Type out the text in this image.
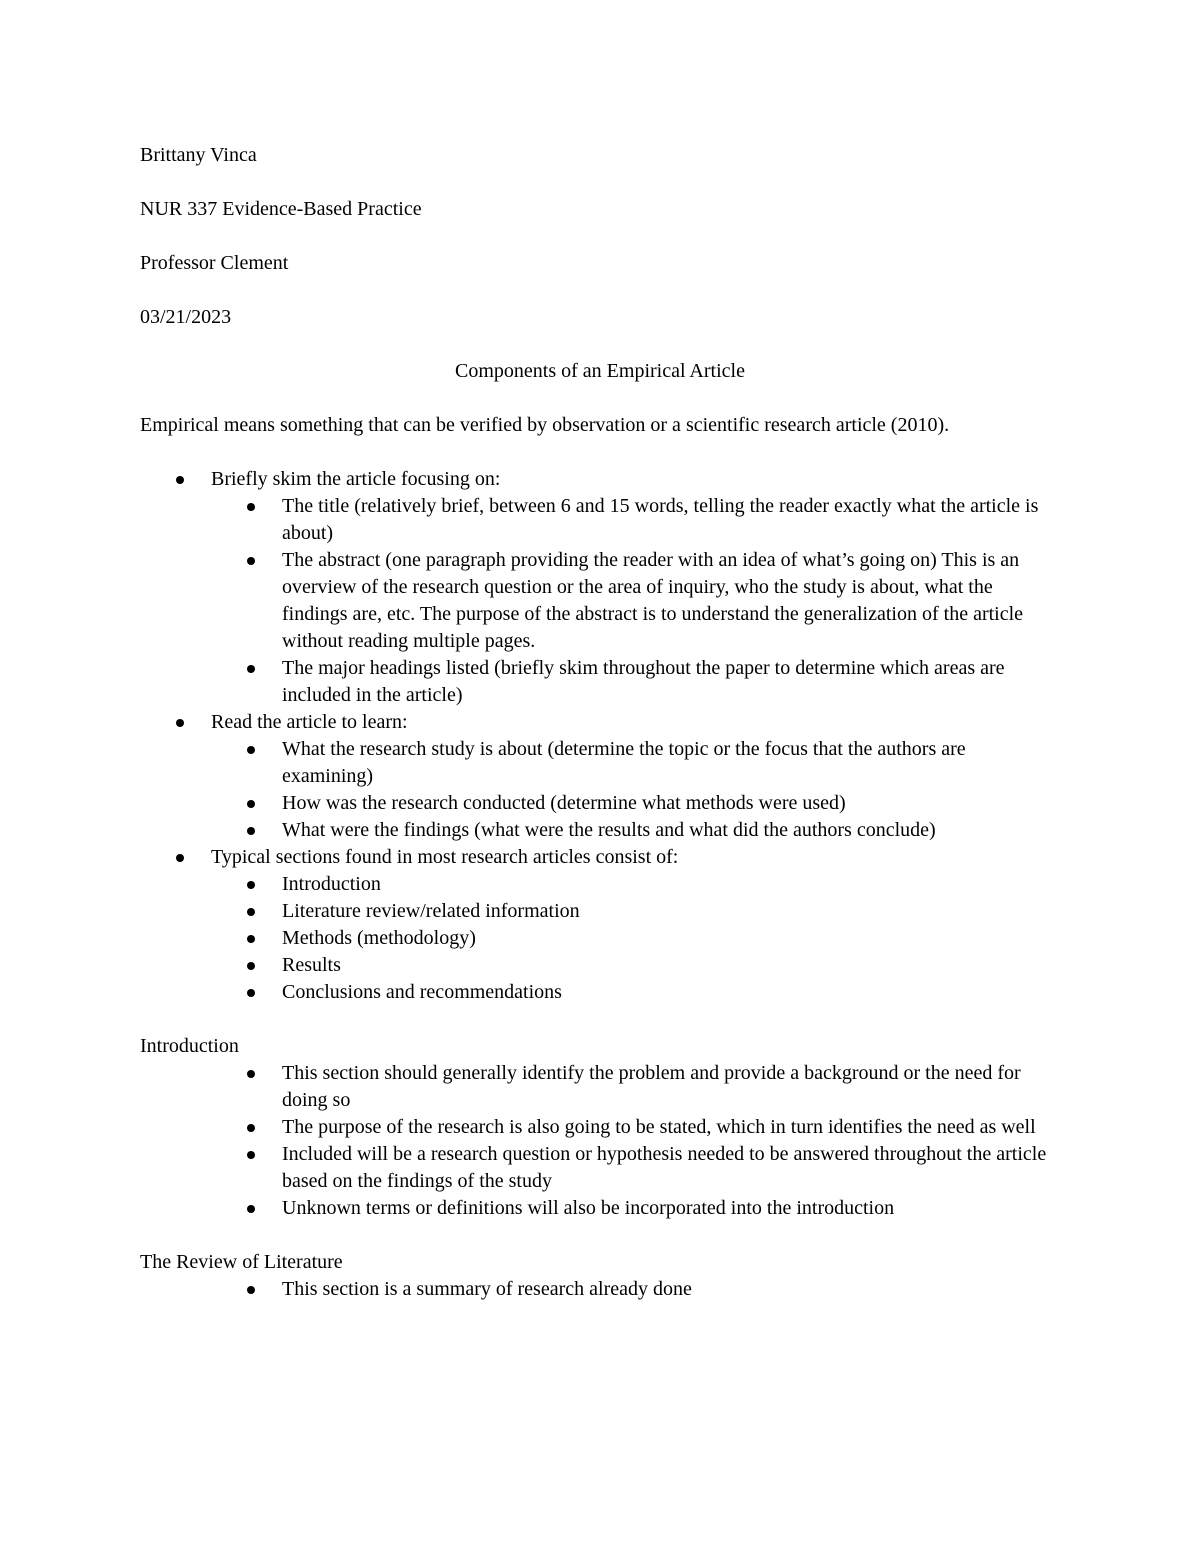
Brittany Vinca
NUR 337 Evidence-Based Practice
Professor Clement
03/21/2023
Components of an Empirical Article
Empirical means something that can be verified by observation or a scientific research article (2010).
Briefly skim the article focusing on:
The title (relatively brief, between 6 and 15 words, telling the reader exactly what the article is about)
The abstract (one paragraph providing the reader with an idea of what’s going on) This is an overview of the research question or the area of inquiry, who the study is about, what the findings are, etc. The purpose of the abstract is to understand the generalization of the article without reading multiple pages.
The major headings listed (briefly skim throughout the paper to determine which areas are included in the article)
Read the article to learn:
What the research study is about (determine the topic or the focus that the authors are examining)
How was the research conducted (determine what methods were used)
What were the findings (what were the results and what did the authors conclude)
Typical sections found in most research articles consist of:
Introduction
Literature review/related information
Methods (methodology)
Results
Conclusions and recommendations
Introduction
This section should generally identify the problem and provide a background or the need for doing so
The purpose of the research is also going to be stated, which in turn identifies the need as well
Included will be a research question or hypothesis needed to be answered throughout the article based on the findings of the study
Unknown terms or definitions will also be incorporated into the introduction
The Review of Literature
This section is a summary of research already done
